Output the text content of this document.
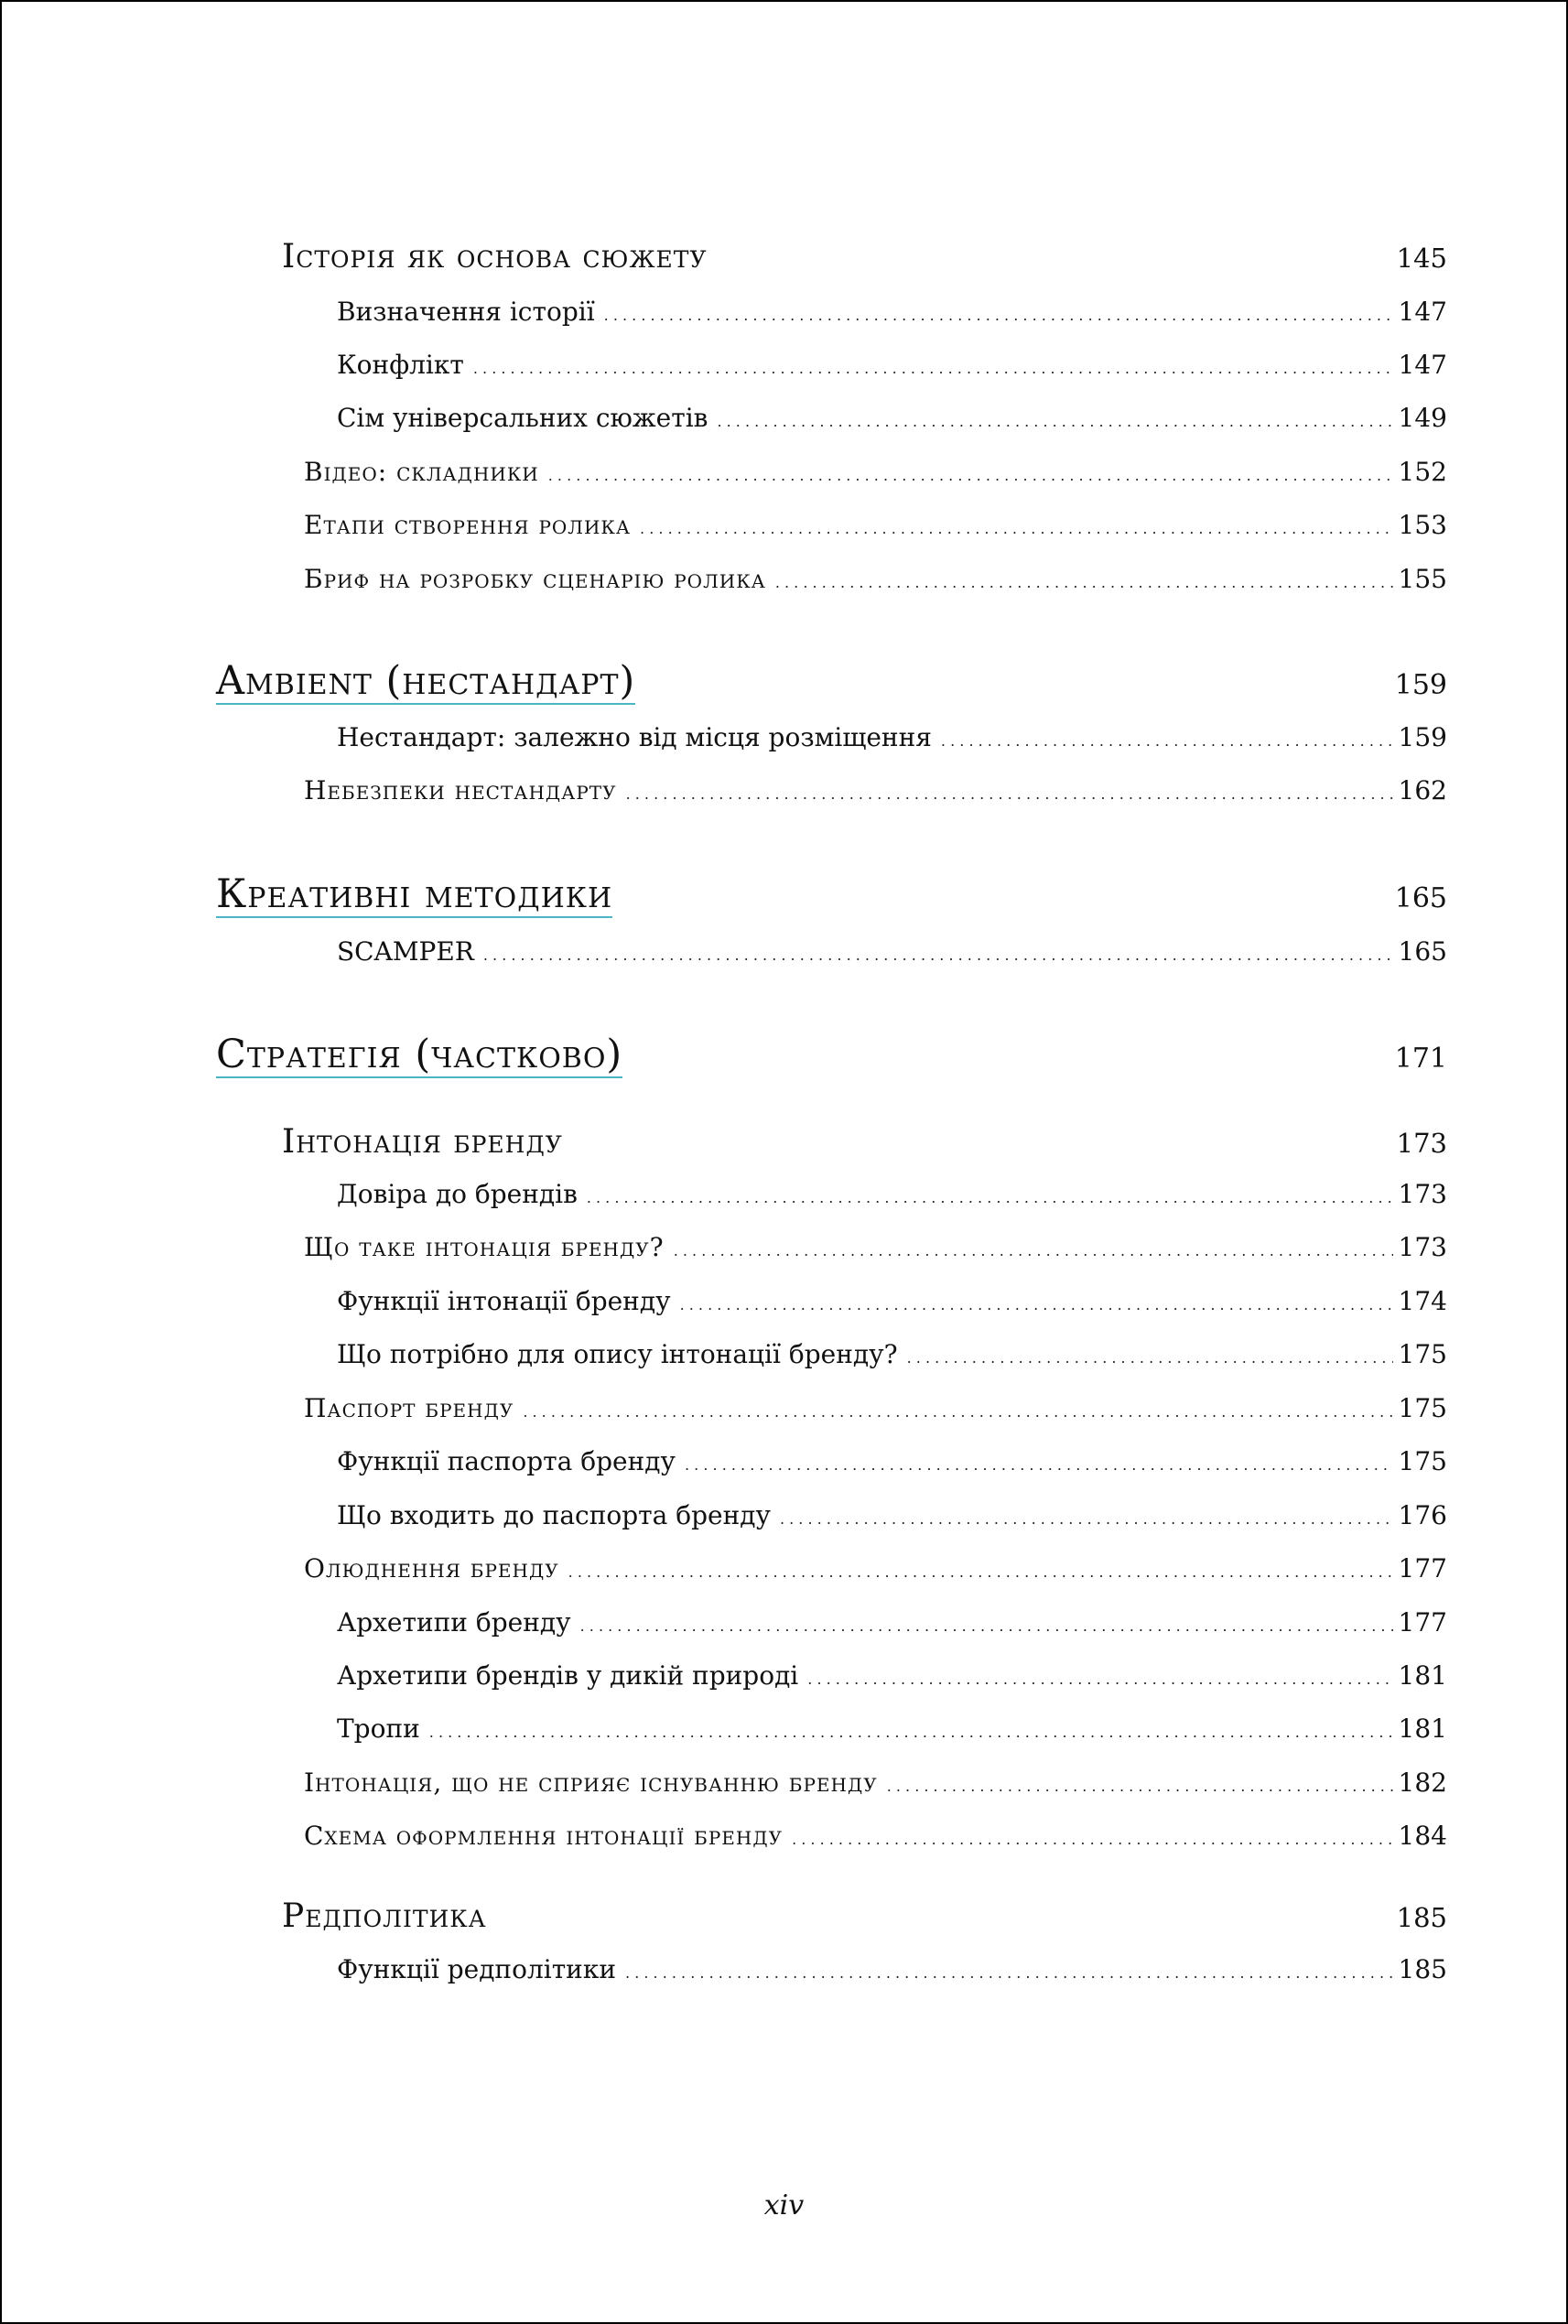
Історія як основа сюжету	145
Визначення історії . . .	147
Конфлікт . . .	147
Сім універсальних сюжетів . . .	149
Відео: складники . . .	152
Етапи створення ролика . . .	153
Бриф на розробку сценарію ролика . . .	155
Ambient (нестандарт)	159
Нестандарт: залежно від місця розміщення . . .	159
Небезпеки нестандарту . . .	162
Креативні методики	165
SCAMPER . . .	165
Стратегія (частково)	171
Інтонація бренду	173
Довіра до брендів . . .	173
Що таке інтонація бренду? . . .	173
Функції інтонації бренду . . .	174
Що потрібно для опису інтонації бренду? . . .	175
Паспорт бренду . . .	175
Функції паспорта бренду . . .	175
Що входить до паспорта бренду . . .	176
Олюднення бренду . . .	177
Архетипи бренду . . .	177
Архетипи брендів у дикій природі . . .	181
Тропи . . .	181
Інтонація, що не сприяє існуванню бренду . . .	182
Схема оформлення інтонації бренду . . .	184
Редполітика	185
Функції редполітики . . .	185
xiv
